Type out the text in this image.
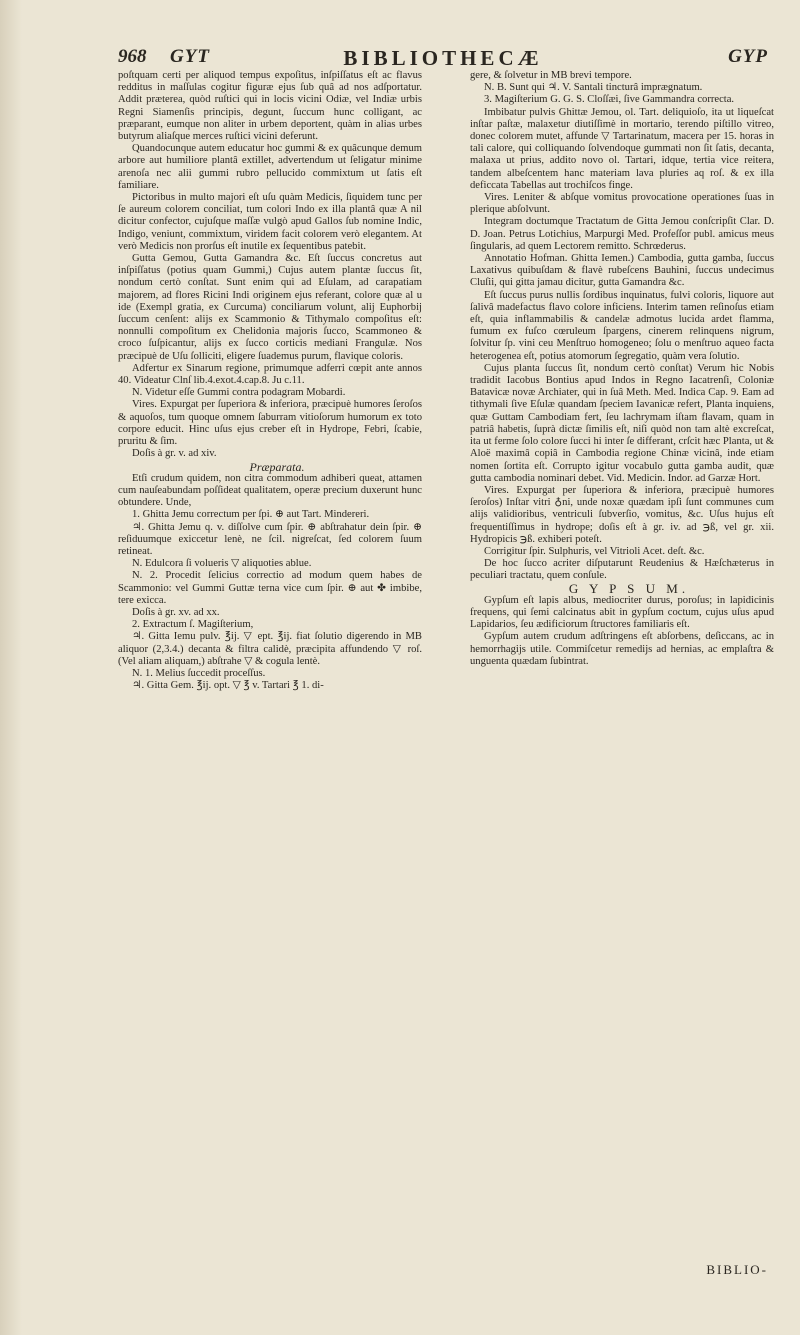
968 GYT	BIBLIOTHECÆ	GYP

poſtquam certi per aliquod tempus expoſitus, inſpiſſatus eſt ac flavus redditus in maſſulas cogitur figuræ ejus ſub quâ ad nos adſportatur. Addit præterea, quòd ruſtici qui in locis vicini Odiæ, vel Indiæ urbis Regni Siamenſis principis, degunt, ſuccum hunc colligant, ac præparant, eumque non aliter in urbem deportent, quàm in alias urbes butyrum aliaſque merces ruſtici vicini deferunt.

Quandocunque autem educatur hoc gummi & ex quâcunque demum arbore aut humiliore plantâ extillet, advertendum ut ſeligatur minime arenoſa nec alii gummi rubro pellucido commixtum ut ſatis eſt familiare.

Pictoribus in multo majori eſt uſu quàm Medicis, ſiquidem tunc per ſe aureum colorem conciliat, tum colori Indo ex illa plantâ quæ A nil dicitur confector, cujuſque maſſæ vulgò apud Gallos ſub nomine Indic, Indigo, veniunt, commixtum, viridem facit colorem verò elegantem. At verò Medicis non prorſus eſt inutile ex ſequentibus patebit.

Gutta Gemou, Gutta Gamandra &c. Eſt ſuccus concretus aut inſpiſſatus (potius quam Gummi,) Cujus autem plantæ ſuccus ſit, nondum certò conſtat. Sunt enim qui ad Eſulam, ad carapatiam majorem, ad flores Ricini Indi originem ejus referant, colore quæ al u ide (Exempl gratia, ex Curcuma) conciliarum volunt, alij Euphorbij ſuccum cenſent: alijs ex Scammonio & Tithymalo compoſitus eſt: nonnulli compoſitum ex Chelidonia majoris ſucco, Scammoneo & croco ſuſpicantur, alijs ex ſucco corticis mediani Frangulæ. Nos præcipuè de Uſu ſolliciti, eligere ſuademus purum, flavique coloris.

Adfertur ex Sinarum regione, primumque adferri cœpit ante annos 40. Videatur Clnſ lib.4.exot.4.cap.8. Ju c.11.

N. Videtur eſſe Gummi contra podagram Mobardi.

Vires. Expurgat per ſuperiora & inferiora, præcipuè humores ſeroſos & aquoſos, tum quoque omnem ſaburram vitioſorum humorum ex toto corpore educit. Hinc uſus ejus creber eſt in Hydrope, Febri, ſcabie, pruritu & ſim.

Doſis à gr. v. ad xiv.

Præparata.

Etſi crudum quidem, non citra commodum adhiberi queat, attamen cum nauſeabundam poſſideat qualitatem, operæ precium duxerunt hunc obtundere. Unde,

1. Ghitta Jemu correctum per ſpi. ⊕ aut Tart. Mindereri.

♃. Ghitta Jemu q. v. diſſolve cum ſpir. ⊕ abſtrahatur dein ſpir. ⊕ reſiduumque exiccetur lenè, ne ſcil. nigreſcat, ſed colorem ſuum retineat.

N. Edulcora ſi volueris ▽ aliquoties ablue.

N. 2. Procedit ſelicius correctio ad modum quem habes de Scammonio: vel Gummi Guttæ terna vice cum ſpir. ⊕ aut ✤ imbibe, tere exicca.

Doſis à gr. xv. ad xx.

2. Extractum ſ. Magiſterium,

♃. Gitta Iemu pulv. ℥ij. ▽ ept. ℥ij. fiat ſolutio digerendo in MB aliquor (2,3.4.) decanta & filtra calidè, præcipita affundendo ▽ roſ. (Vel aliam aliquam,) abſtrahe ▽ & cogula lentè.

N. 1. Melius ſuccedit proceſſus.

♃. Gitta Gem. ℥ij. opt. ▽ ℥ v. Tartari ℥ 1. di-

gere, & ſolvetur in MB brevi tempore.

N. B. Sunt qui ♃. V. Santali tincturâ imprægnatum.

3. Magiſterium G. G. S. Cloſſæi, ſive Gammandra correcta.

Imbibatur pulvis Ghittæ Jemou, ol. Tart. deliquioſo, ita ut liqueſcat inſtar paſtæ, malaxetur diutiſſimè in mortario, terendo piſtillo vitreo, donec colorem mutet, affunde ▽ Tartarinatum, macera per 15. horas in tali calore, qui colliquando ſolvendoque gummati non ſit ſatis, decanta, malaxa ut prius, addito novo ol. Tartari, idque, tertia vice reitera, tandem albeſcentem hanc materiam lava pluries aq roſ. & ex illa deficcata Tabellas aut trochiſcos finge.

Vires. Leniter & abſque vomitus provocatione operationes ſuas in plerique abſolvunt.

Integram doctumque Tractatum de Gitta Jemou conſcripſit Clar. D. D. Joan. Petrus Lotichius, Marpurgi Med. Profeſſor publ. amicus meus ſingularis, ad quem Lectorem remitto. Schrœderus.

Annotatio Hofman. Ghitta Iemen.) Cambodia, gutta gamba, ſuccus Laxativus quibuſdam & flavè rubeſcens Bauhini, ſuccus undecimus Cluſii, qui gitta jamau dicitur, gutta Gamandra &c.

Eſt ſuccus purus nullis ſordibus inquinatus, fulvi coloris, liquore aut ſalivâ madefactus flavo colore inficiens. Interim tamen reſinoſus etiam eſt, quia inflammabilis & candelæ admotus lucida ardet flamma, fumum ex fuſco cœruleum ſpargens, cinerem relinquens nigrum, ſolvitur ſp. vini ceu Menſtruo homogeneo; ſolu o menſtruo aqueo facta heterogenea eſt, potius atomorum ſegregatio, quàm vera ſolutio.

Cujus planta ſuccus ſit, nondum certò conſtat) Verum hic Nobis tradidit Iacobus Bontius apud Indos in Regno Iacatrenſi, Coloniæ Batavicæ novæ Archiater, qui in ſuâ Meth. Med. Indica Cap. 9. Eam ad tithymali ſive Eſulæ quandam ſpeciem Iavanicæ refert, Planta inquiens, quæ Guttam Cambodiam fert, ſeu lachrymam iſtam flavam, quam in patriâ habetis, ſuprà dictæ ſimilis eſt, niſi quòd non tam altè excreſcat, ita ut ferme ſolo colore ſucci hi inter ſe differant, crſcit hæc Planta, ut & Aloë maximâ copiâ in Cambodia regione Chinæ vicinâ, inde etiam nomen ſortita eſt. Corrupto igitur vocabulo gutta gamba audit, quæ gutta cambodia nominari debet. Vid. Medicin. Indor. ad Garzæ Hort.

Vires. Expurgat per ſuperiora & inferiora, præcipuè humores ſeroſos) Inſtar vitri ♁ni, unde noxæ quædam ipſi ſunt communes cum alijs validioribus, ventriculi ſubverſio, vomitus, &c. Uſus hujus eſt frequentiſſimus in hydrope; doſis eſt à gr. iv. ad ℈ß, vel gr. xii. Hydropicis ℈ß. exhiberi poteſt.

Corrigitur ſpir. Sulphuris, vel Vitrioli Acet. deſt. &c.

De hoc ſucco acriter diſputarunt Reudenius & Hæſchæterus in peculiari tractatu, quem conſule.

G Y P S U M.

Gypſum eſt lapis albus, mediocriter durus, poroſus; in lapidicinis frequens, qui ſemi calcinatus abit in gypſum coctum, cujus uſus apud Lapidarios, ſeu ædificiorum ſtructores familiaris eſt.

Gypſum autem crudum adſtringens eſt abſorbens, deſiccans, ac in hemorrhagijs utile. Commiſcetur remedijs ad hernias, ac emplaſtra & unguenta quædam ſubintrat.

BIBLIO-
